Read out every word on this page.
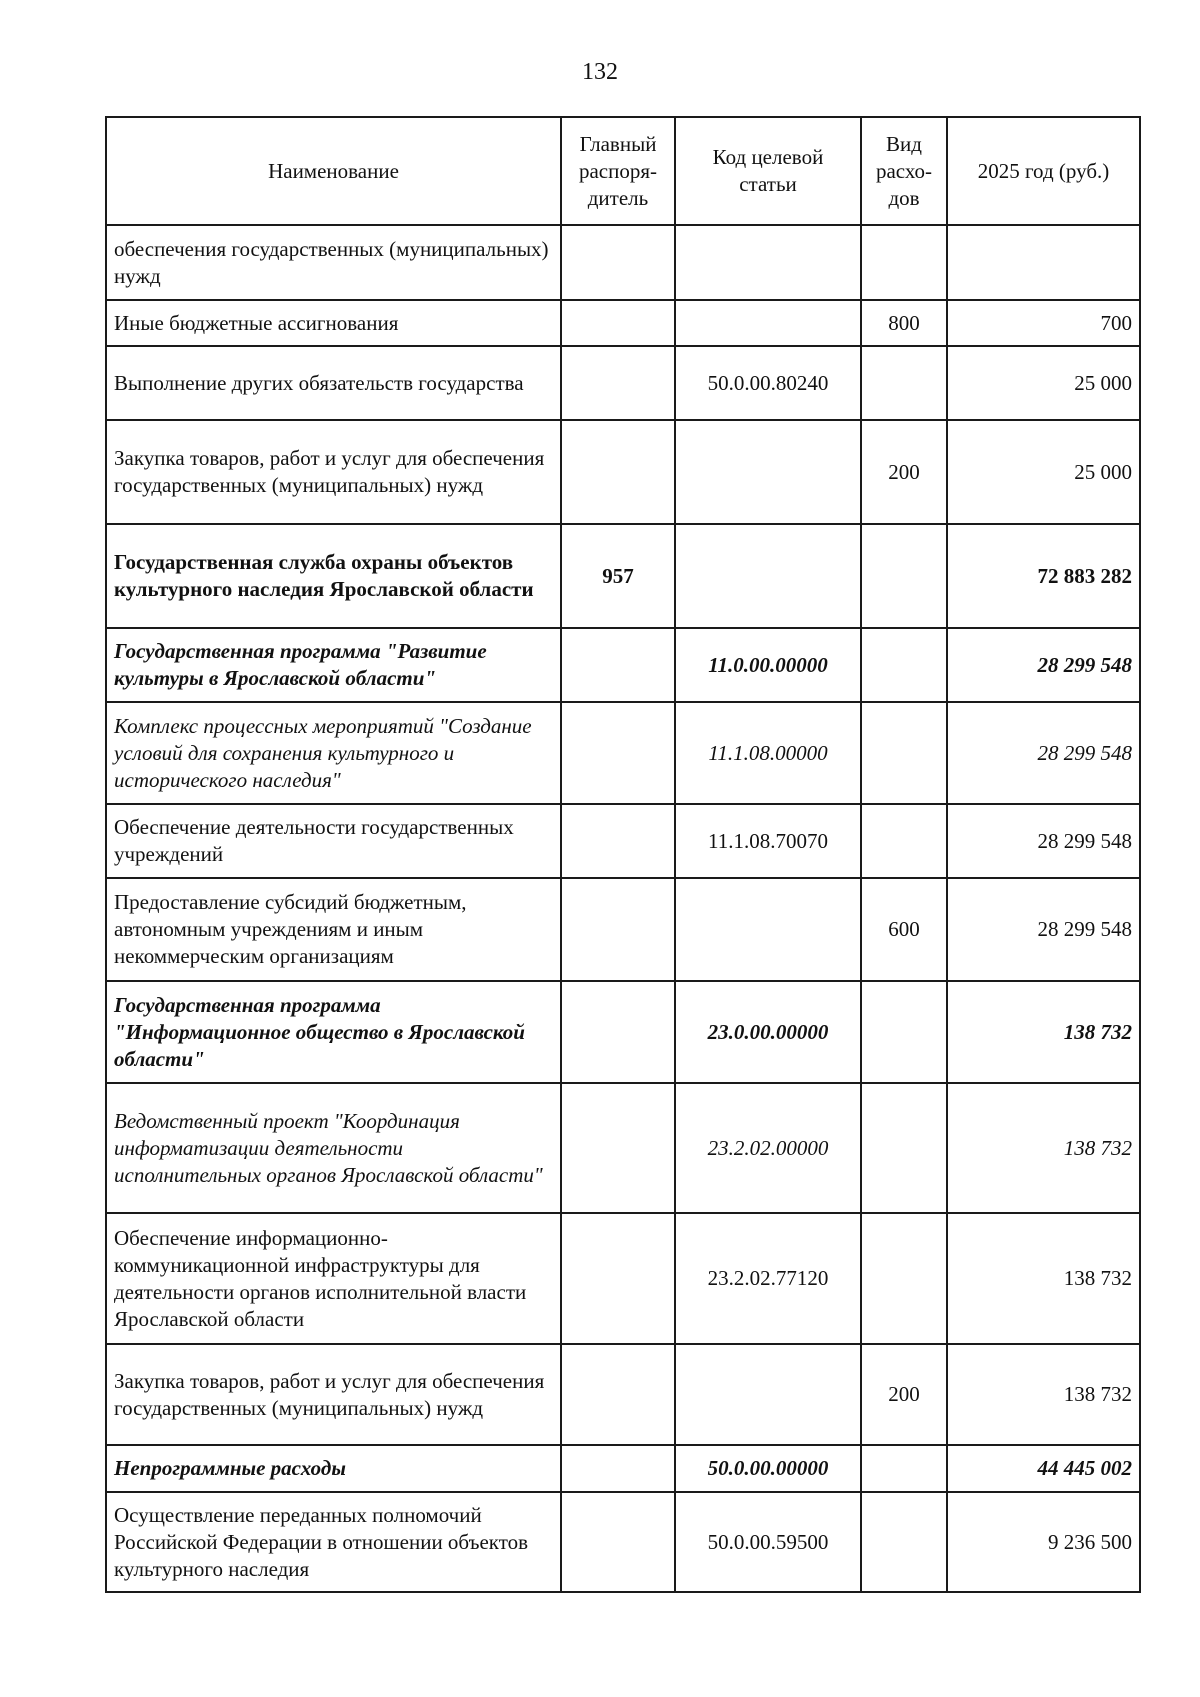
132
Наименование	Главный распоря-дитель	Код целевой статьи	Вид расхо-дов	2025 год (руб.)
обеспечения государственных (муниципальных) нужд				
Иные бюджетные ассигнования			800	700
Выполнение других обязательств государства		50.0.00.80240		25 000
Закупка товаров, работ и услуг для обеспечения государственных (муниципальных) нужд			200	25 000
Государственная служба охраны объектов культурного наследия Ярославской области	957			72 883 282
Государственная программа "Развитие культуры в Ярославской области"		11.0.00.00000		28 299 548
Комплекс процессных мероприятий "Создание условий для сохранения культурного и исторического наследия"		11.1.08.00000		28 299 548
Обеспечение деятельности государственных учреждений		11.1.08.70070		28 299 548
Предоставление субсидий бюджетным, автономным учреждениям и иным некоммерческим организациям			600	28 299 548
Государственная программа "Информационное общество в Ярославской области"		23.0.00.00000		138 732
Ведомственный проект "Координация информатизации деятельности исполнительных органов Ярославской области"		23.2.02.00000		138 732
Обеспечение информационно-коммуникационной инфраструктуры для деятельности органов исполнительной власти Ярославской области		23.2.02.77120		138 732
Закупка товаров, работ и услуг для обеспечения государственных (муниципальных) нужд			200	138 732
Непрограммные расходы		50.0.00.00000		44 445 002
Осуществление переданных полномочий Российской Федерации в отношении объектов культурного наследия		50.0.00.59500		9 236 500
